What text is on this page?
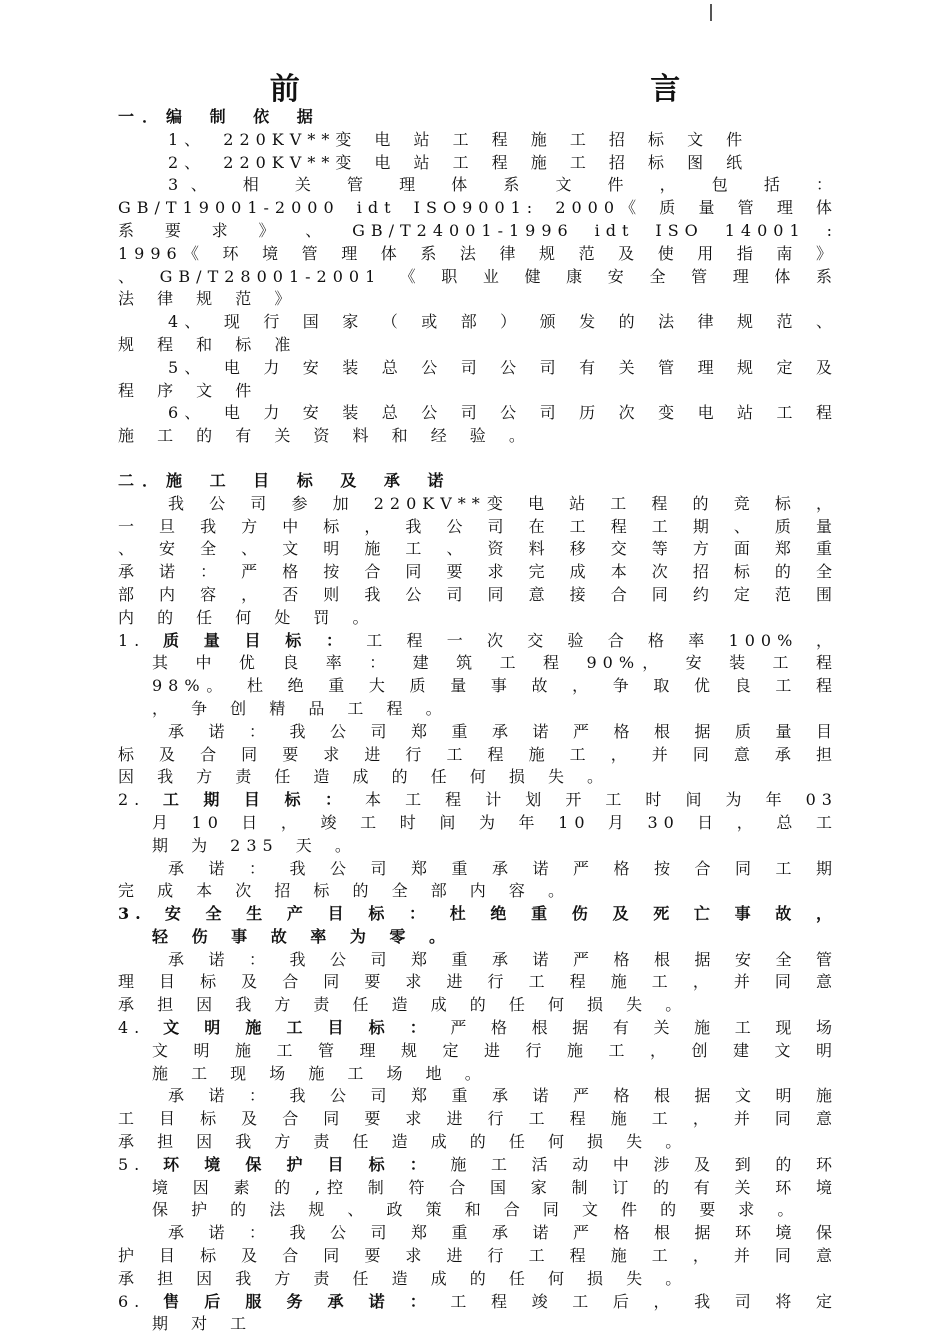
前 言

一．编 制 依 据

1、 220KV**变 电 站 工 程 施 工 招 标 文 件

2、 220KV**变 电 站 工 程 施 工 招 标 图 纸

3、 相 关 管 理 体 系 文 件 ， 包 括 ： GB/T19001-2000 idt ISO9001: 2000《 质 量 管 理 体 系 要 求 》 、 GB/T24001-1996 idt ISO 14001 : 1996《 环 境 管 理 体 系 法 律 规 范 及 使 用 指 南 》 、 GB/T28001-2001 《 职 业 健 康 安 全 管 理 体 系 法 律 规 范 》

4、 现 行 国 家 （ 或 部 ） 颁 发 的 法 律 规 范 、 规 程 和 标 准

5、 电 力 安 装 总 公 司 公 司 有 关 管 理 规 定 及 程 序 文 件

6、 电 力 安 装 总 公 司 公 司 历 次 变 电 站 工 程 施 工 的 有 关 资 料 和 经 验 。

二．施 工 目 标 及 承 诺

我 公 司 参 加 220KV**变 电 站 工 程 的 竞 标 ， 一 旦 我 方 中 标 ， 我 公 司 在 工 程 工 期 、 质 量 、 安 全 、 文 明 施 工 、 资 料 移 交 等 方 面 郑 重 承 诺 ： 严 格 按 合 同 要 求 完 成 本 次 招 标 的 全 部 内 容 ， 否 则 我 公 司 同 意 接 合 同 约 定 范 围 内 的 任 何 处 罚 。

1. 质 量 目 标 ： 工 程 一 次 交 验 合 格 率 100% ， 其 中 优 良 率 ： 建 筑 工 程 90%， 安 装 工 程 98%。 杜 绝 重 大 质 量 事 故 ， 争 取 优 良 工 程 ， 争 创 精 品 工 程 。

承 诺 ： 我 公 司 郑 重 承 诺 严 格 根 据 质 量 目 标 及 合 同 要 求 进 行 工 程 施 工 ， 并 同 意 承 担 因 我 方 责 任 造 成 的 任 何 损 失 。

2. 工 期 目 标 ： 本 工 程 计 划 开 工 时 间 为 年 03 月 10 日 ， 竣 工 时 间 为 年 10 月 30 日 ， 总 工 期 为 235 天 。

承 诺 ： 我 公 司 郑 重 承 诺 严 格 按 合 同 工 期 完 成 本 次 招 标 的 全 部 内 容 。

3. 安 全 生 产 目 标 ： 杜 绝 重 伤 及 死 亡 事 故 ， 轻 伤 事 故 率 为 零 。

承 诺 ： 我 公 司 郑 重 承 诺 严 格 根 据 安 全 管 理 目 标 及 合 同 要 求 进 行 工 程 施 工 ， 并 同 意 承 担 因 我 方 责 任 造 成 的 任 何 损 失 。

4. 文 明 施 工 目 标 ： 严 格 根 据 有 关 施 工 现 场 文 明 施 工 管 理 规 定 进 行 施 工 ， 创 建 文 明 施 工 现 场 施 工 场 地 。

承 诺 ： 我 公 司 郑 重 承 诺 严 格 根 据 文 明 施 工 目 标 及 合 同 要 求 进 行 工 程 施 工 ， 并 同 意 承 担 因 我 方 责 任 造 成 的 任 何 损 失 。

5. 环 境 保 护 目 标 ： 施 工 活 动 中 涉 及 到 的 环 境 因 素 的 ,控 制 符 合 国 家 制 订 的 有 关 环 境 保 护 的 法 规 、 政 策 和 合 同 文 件 的 要 求 。

承 诺 ： 我 公 司 郑 重 承 诺 严 格 根 据 环 境 保 护 目 标 及 合 同 要 求 进 行 工 程 施 工 ， 并 同 意 承 担 因 我 方 责 任 造 成 的 任 何 损 失 。

6. 售 后 服 务 承 诺 ： 工 程 竣 工 后 ， 我 司 将 定 期 对 工
